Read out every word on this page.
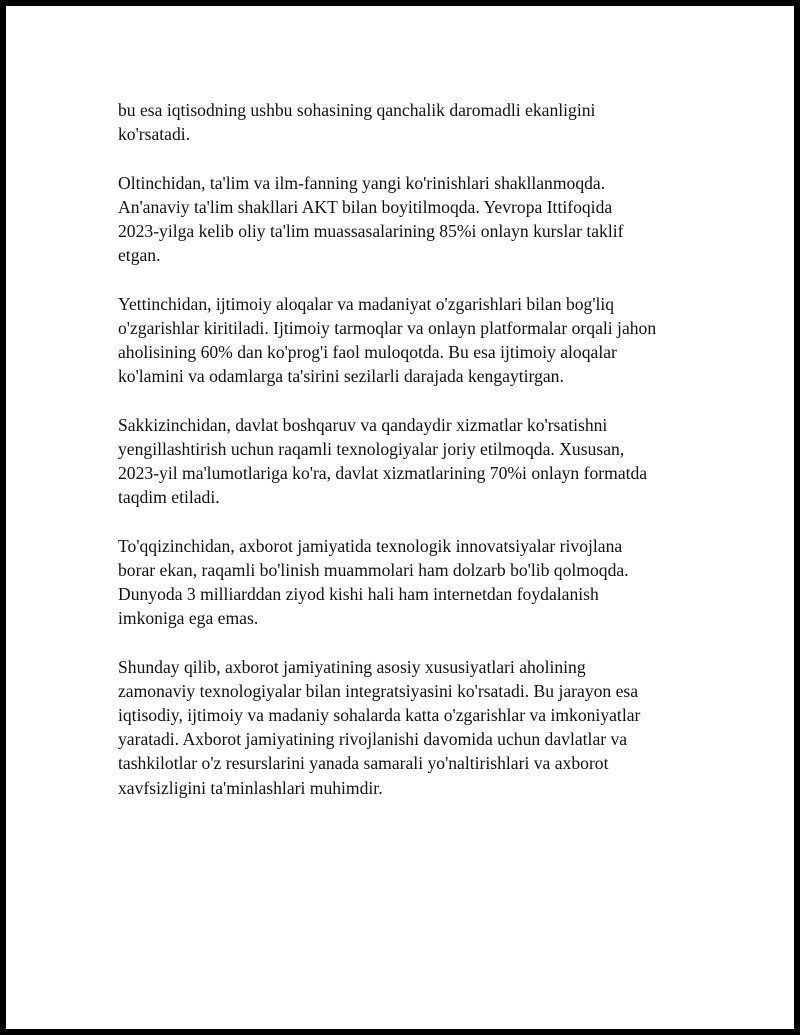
bu esa iqtisodning ushbu sohasining qanchalik daromadli ekanligini
ko'rsatadi.

Oltinchidan, ta'lim va ilm-fanning yangi ko'rinishlari shakllanmoqda.
An'anaviy ta'lim shakllari AKT bilan boyitilmoqda. Yevropa Ittifoqida
2023-yilga kelib oliy ta'lim muassasalarining 85%i onlayn kurslar taklif
etgan.

Yettinchidan, ijtimoiy aloqalar va madaniyat o'zgarishlari bilan bog'liq
o'zgarishlar kiritiladi. Ijtimoiy tarmoqlar va onlayn platformalar orqali jahon
aholisining 60% dan ko'prog'i faol muloqotda. Bu esa ijtimoiy aloqalar
ko'lamini va odamlarga ta'sirini sezilarli darajada kengaytirgan.

Sakkizinchidan, davlat boshqaruv va qandaydir xizmatlar ko'rsatishni
yengillashtirish uchun raqamli texnologiyalar joriy etilmoqda. Xususan,
2023-yil ma'lumotlariga ko'ra, davlat xizmatlarining 70%i onlayn formatda
taqdim etiladi.

To'qqizinchidan, axborot jamiyatida texnologik innovatsiyalar rivojlana
borar ekan, raqamli bo'linish muammolari ham dolzarb bo'lib qolmoqda.
Dunyoda 3 milliarddan ziyod kishi hali ham internetdan foydalanish
imkoniga ega emas.

Shunday qilib, axborot jamiyatining asosiy xususiyatlari aholining
zamonaviy texnologiyalar bilan integratsiyasini ko'rsatadi. Bu jarayon esa
iqtisodiy, ijtimoiy va madaniy sohalarda katta o'zgarishlar va imkoniyatlar
yaratadi. Axborot jamiyatining rivojlanishi davomida uchun davlatlar va
tashkilotlar o'z resurslarini yanada samarali yo'naltirishlari va axborot
xavfsizligini ta'minlashlari muhimdir.
